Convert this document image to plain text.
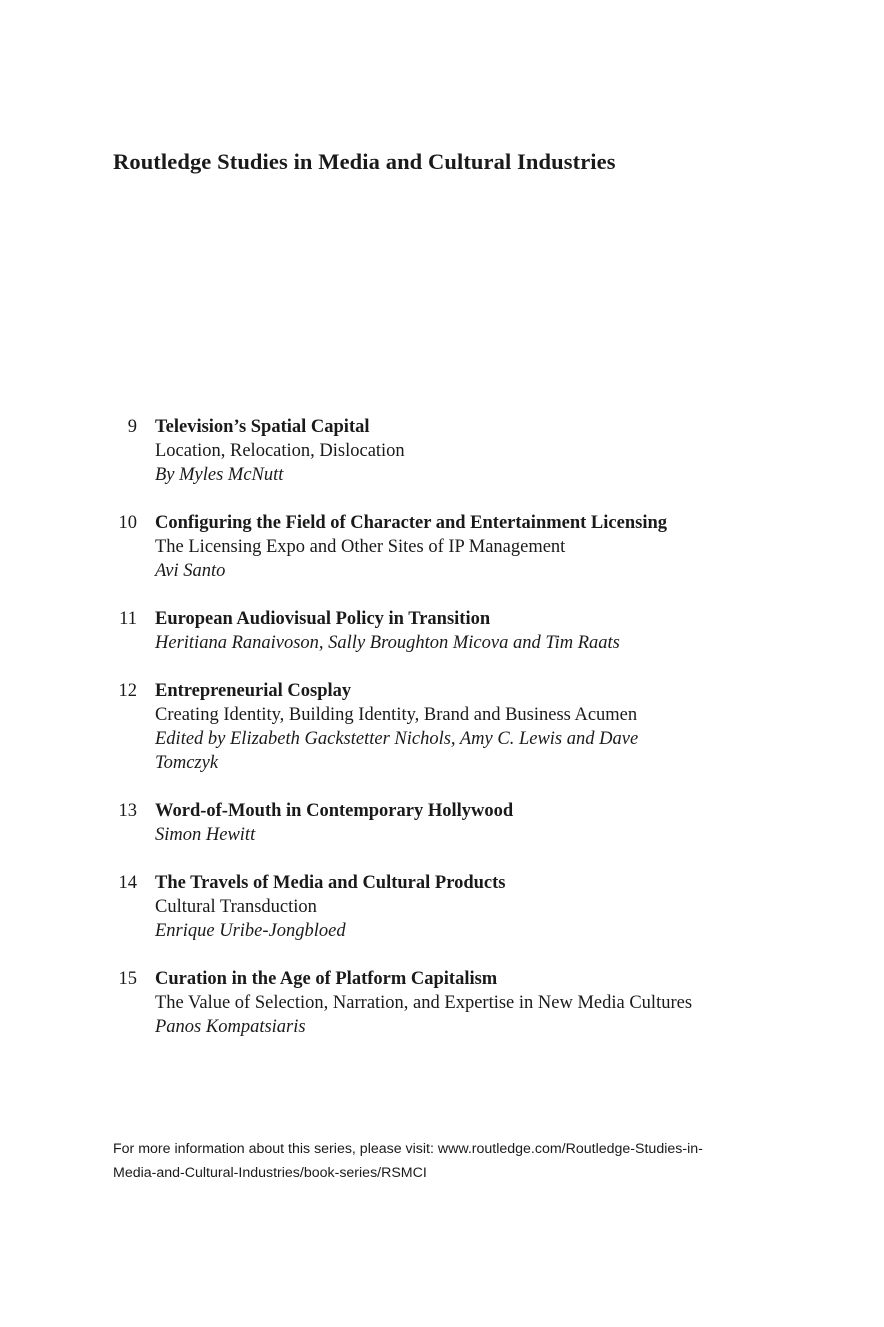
Routledge Studies in Media and Cultural Industries
9 Television’s Spatial Capital
Location, Relocation, Dislocation
By Myles McNutt
10 Configuring the Field of Character and Entertainment Licensing
The Licensing Expo and Other Sites of IP Management
Avi Santo
11 European Audiovisual Policy in Transition
Heritiana Ranaivoson, Sally Broughton Micova and Tim Raats
12 Entrepreneurial Cosplay
Creating Identity, Building Identity, Brand and Business Acumen
Edited by Elizabeth Gackstetter Nichols, Amy C. Lewis and Dave Tomczyk
13 Word-of-Mouth in Contemporary Hollywood
Simon Hewitt
14 The Travels of Media and Cultural Products
Cultural Transduction
Enrique Uribe-Jongbloed
15 Curation in the Age of Platform Capitalism
The Value of Selection, Narration, and Expertise in New Media Cultures
Panos Kompatsiaris
For more information about this series, please visit: www.routledge.com/Routledge-Studies-in-
Media-and-Cultural-Industries/book-series/RSMCI
